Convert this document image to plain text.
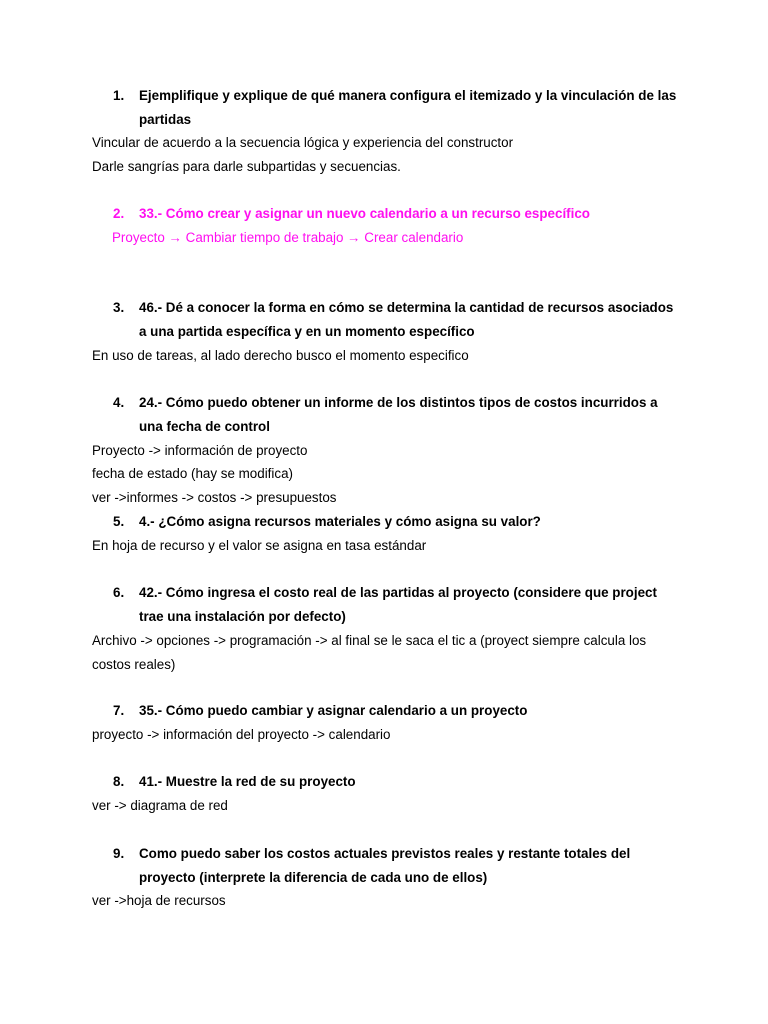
1.	Ejemplifique y explique de qué manera configura el itemizado y la vinculación de las partidas
Vincular de acuerdo a la secuencia lógica y experiencia del constructor
Darle sangrías para darle subpartidas y secuencias.
2.	33.- Cómo crear y asignar un nuevo calendario a un recurso específico
Proyecto → Cambiar tiempo de trabajo → Crear calendario
3.	46.- Dé a conocer la forma en cómo se determina la cantidad de recursos asociados a una partida específica y en un momento específico
En uso de tareas, al lado derecho busco el momento especifico
4.	24.- Cómo puedo obtener un informe de los distintos tipos de costos incurridos a una fecha de control
Proyecto -> información de proyecto
fecha de estado (hay se modifica)
ver ->informes -> costos -> presupuestos
5.	4.- ¿Cómo asigna recursos materiales y cómo asigna su valor?
En hoja de recurso y el valor se asigna en tasa estándar
6.	42.- Cómo ingresa el costo real de las partidas al proyecto (considere que project trae una instalación por defecto)
Archivo -> opciones -> programación -> al final se le saca el tic a (proyect siempre calcula los costos reales)
7.	35.- Cómo puedo cambiar y asignar calendario a un proyecto
proyecto -> información del proyecto -> calendario
8.	41.- Muestre la red de su proyecto
ver -> diagrama de red
9.	Como puedo saber los costos actuales previstos reales y restante totales del proyecto (interprete la diferencia de cada uno de ellos)
ver ->hoja de recursos
